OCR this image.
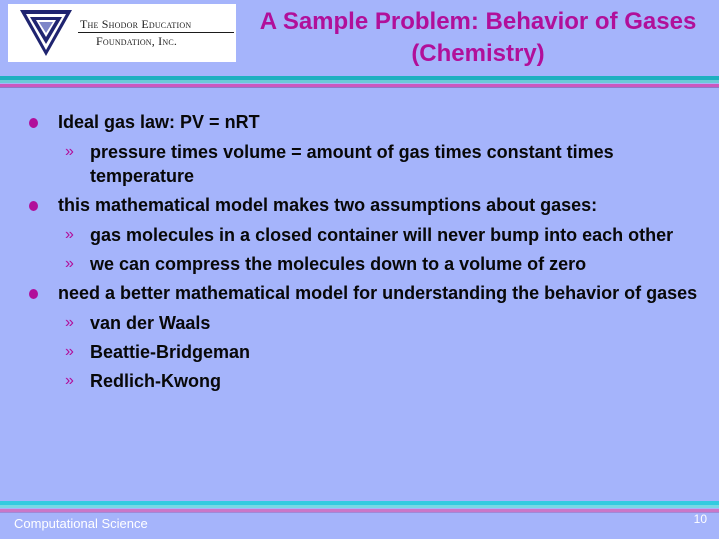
The Shodor Education
Foundation, Inc.
A Sample Problem: Behavior of Gases (Chemistry)
Ideal gas law: PV = nRT
» pressure times volume = amount of gas times constant times temperature
this mathematical model makes two assumptions about gases:
» gas molecules in a closed container will never bump into each other
» we can compress the molecules down to a volume of zero
need a better mathematical model for understanding the behavior of gases
» van der Waals
» Beattie-Bridgeman
» Redlich-Kwong
Computational Science	10
